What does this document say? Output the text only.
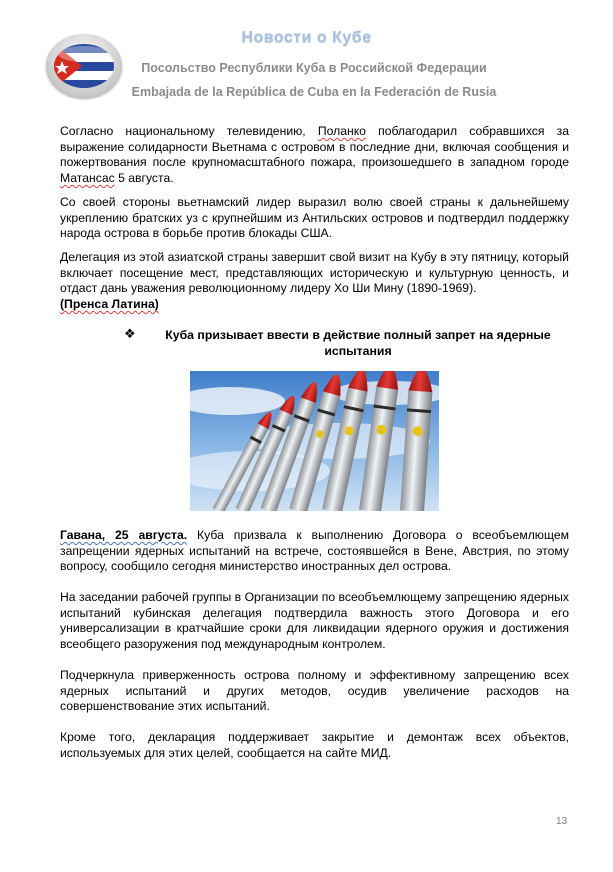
Новости о Кубе
Посольство Республики Куба в Российской Федерации
Embajada de la República de Cuba en la Federación de Rusia

Согласно национальному телевидению, Поланко поблагодарил собравшихся за выражение солидарности Вьетнама с островом в последние дни, включая сообщения и пожертвования после крупномасштабного пожара, произошедшего в западном городе Матансас 5 августа.

Со своей стороны вьетнамский лидер выразил волю своей страны к дальнейшему укреплению братских уз с крупнейшим из Антильских островов и подтвердил поддержку народа острова в борьбе против блокады США.

Делегация из этой азиатской страны завершит свой визит на Кубу в эту пятницу, который включает посещение мест, представляющих историческую и культурную ценность, и отдаст дань уважения революционному лидеру Хо Ши Мину (1890-1969).
(Пренса Латина)

❖	Куба призывает ввести в действие полный запрет на ядерные испытания

Гавана, 25 августа. Куба призвала к выполнению Договора о всеобъемлющем запрещении ядерных испытаний на встрече, состоявшейся в Вене, Австрия, по этому вопросу, сообщило сегодня министерство иностранных дел острова.

На заседании рабочей группы в Организации по всеобъемлющему запрещению ядерных испытаний кубинская делегация подтвердила важность этого Договора и его универсализации в кратчайшие сроки для ликвидации ядерного оружия и достижения всеобщего разоружения под международным контролем.

Подчеркнула приверженность острова полному и эффективному запрещению всех ядерных испытаний и других методов, осудив увеличение расходов на совершенствование этих испытаний.

Кроме того, декларация поддерживает закрытие и демонтаж всех объектов, используемых для этих целей, сообщается на сайте МИД.

13
